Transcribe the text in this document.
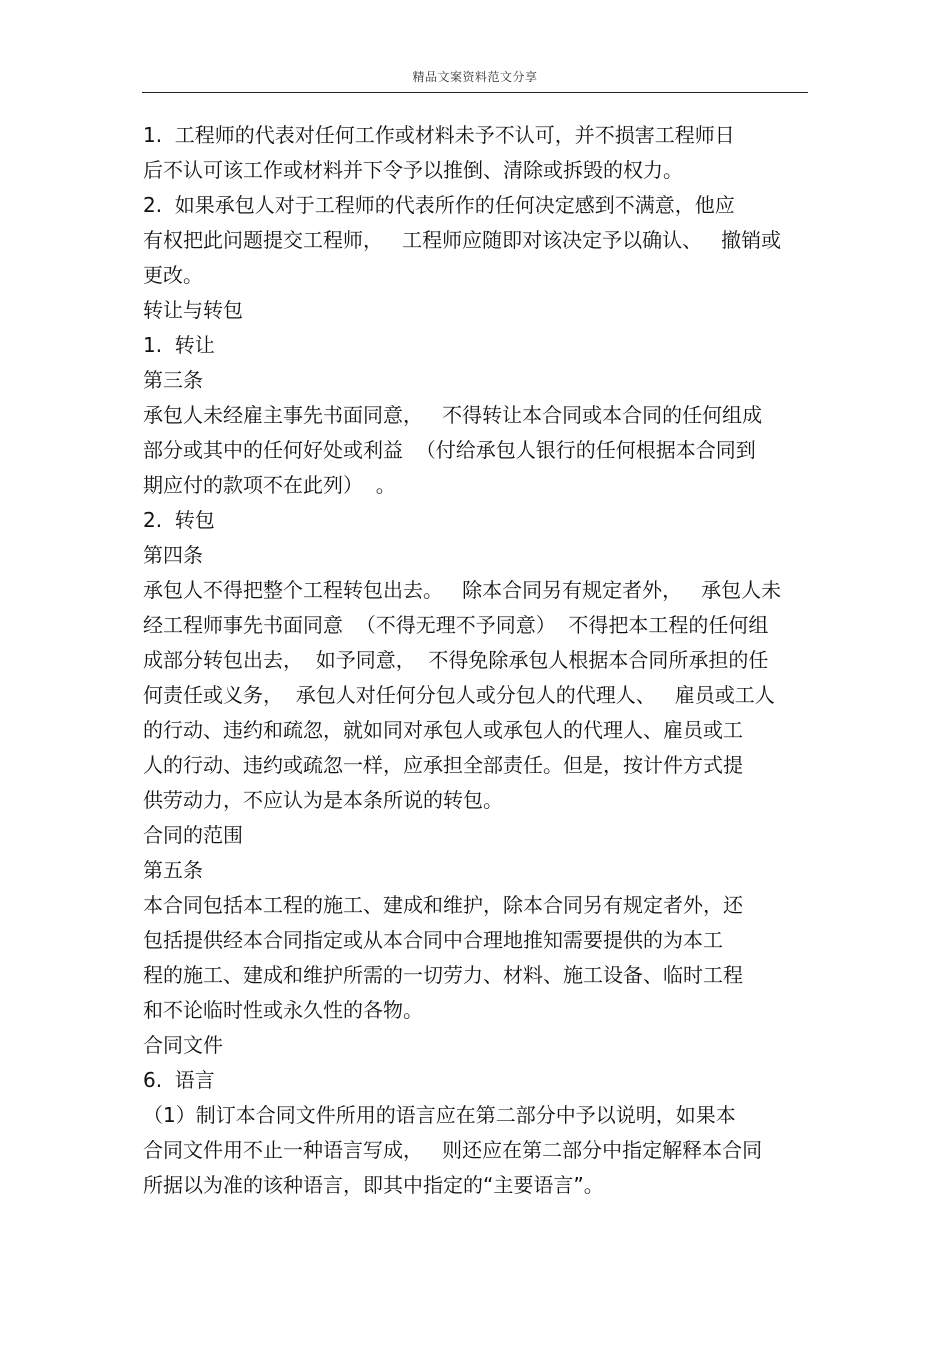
精品文案资料范文分享
1.  工程师的代表对任何工作或材料未予不认可，并不损害工程师日
后不认可该工作或材料并下令予以推倒、清除或拆毁的权力。
2.  如果承包人对于工程师的代表所作的任何决定感到不满意，他应
有权把此问题提交工程师，   工程师应随即对该决定予以确认、   撤销或
更改。
转让与转包
1.  转让
第三条
承包人未经雇主事先书面同意，   不得转让本合同或本合同的任何组成
部分或其中的任何好处或利益  （付给承包人银行的任何根据本合同到
期应付的款项不在此列）  。
2.  转包
第四条
承包人不得把整个工程转包出去。   除本合同另有规定者外，   承包人未
经工程师事先书面同意  （不得无理不予同意）  不得把本工程的任何组
成部分转包出去，  如予同意，  不得免除承包人根据本合同所承担的任
何责任或义务，  承包人对任何分包人或分包人的代理人、   雇员或工人
的行动、违约和疏忽，就如同对承包人或承包人的代理人、雇员或工
人的行动、违约或疏忽一样，应承担全部责任。但是，按计件方式提
供劳动力，不应认为是本条所说的转包。
合同的范围
第五条
本合同包括本工程的施工、建成和维护，除本合同另有规定者外，还
包括提供经本合同指定或从本合同中合理地推知需要提供的为本工
程的施工、建成和维护所需的一切劳力、材料、施工设备、临时工程
和不论临时性或永久性的各物。
合同文件
6.  语言
（1）制订本合同文件所用的语言应在第二部分中予以说明，如果本
合同文件用不止一种语言写成，   则还应在第二部分中指定解释本合同
所据以为准的该种语言，即其中指定的“主要语言”。
